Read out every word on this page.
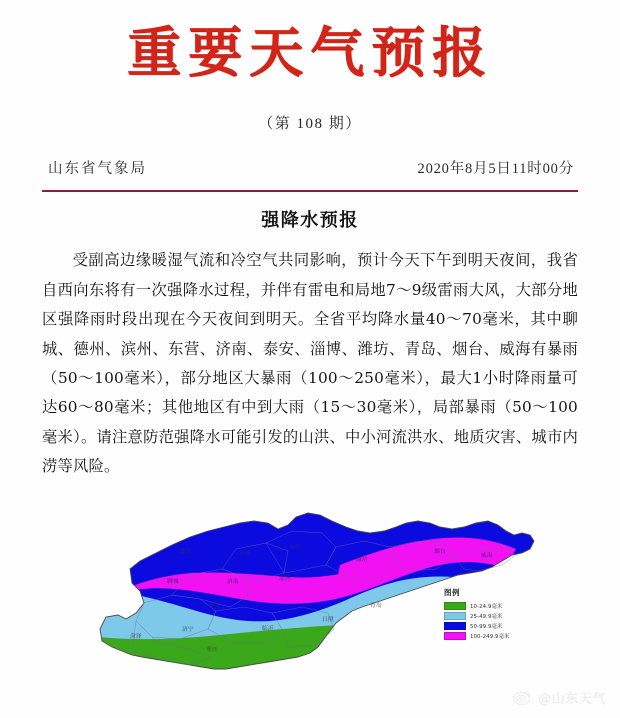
重要天气预报
（第 108 期）
山东省气象局	2020年8月5日11时00分
强降水预报
受副高边缘暖湿气流和冷空气共同影响，预计今天下午到明天夜间，我省自西向东将有一次强降水过程，并伴有雷电和局地7～9级雷雨大风，大部分地区强降雨时段出现在今天夜间到明天。全省平均降水量40～70毫米，其中聊城、德州、滨州、东营、济南、泰安、淄博、潍坊、青岛、烟台、威海有暴雨（50～100毫米），部分地区大暴雨（100～250毫米），最大1小时降雨量可达60～80毫米；其他地区有中到大雨（15～30毫米），局部暴雨（50～100毫米）。请注意防范强降水可能引发的山洪、中小河流洪水、地质灾害、城市内涝等风险。
德州
聊城	济南	淄博
滨州
东营
潍坊
烟台
威海
青岛
日照
临沂
济宁
菏泽
枣庄
泰安
图例
10-24.9毫米
25-49.9毫米
50-99.9毫米
100-249.9毫米
@山东天气
